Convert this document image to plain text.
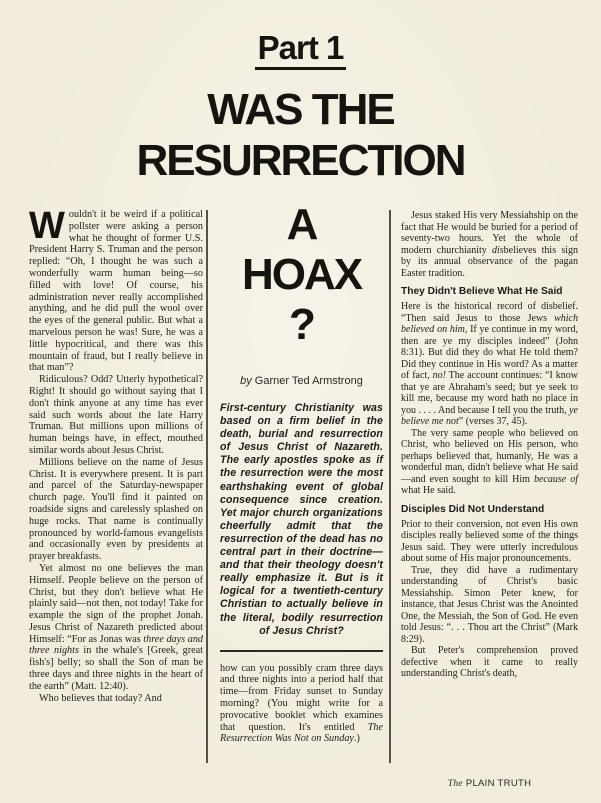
Part 1
WAS THE
RESURRECTION

Wouldn't it be weird if a political pollster were asking a person what he thought of former U.S. President Harry S. Truman and the person replied: “Oh, I thought he was such a wonderfully warm human being—so filled with love! Of course, his administration never really accomplished anything, and he did pull the wool over the eyes of the general public. But what a marvelous person he was! Sure, he was a little hypocritical, and there was this mountain of fraud, but I really believe in that man”?

Ridiculous? Odd? Utterly hypothetical? Right! It should go without saying that I don't think anyone at any time has ever said such words about the late Harry Truman. But millions upon millions of human beings have, in effect, mouthed similar words about Jesus Christ.

Millions believe on the name of Jesus Christ. It is everywhere present. It is part and parcel of the Saturday-newspaper church page. You'll find it painted on roadside signs and carelessly splashed on huge rocks. That name is continually pronounced by world-famous evangelists and occasionally even by presidents at prayer breakfasts.

Yet almost no one believes the man Himself. People believe on the person of Christ, but they don't believe what He plainly said—not then, not today! Take for example the sign of the prophet Jonah. Jesus Christ of Nazareth predicted about Himself: “For as Jonas was three days and three nights in the whale's [Greek, great fish's] belly; so shall the Son of man be three days and three nights in the heart of the earth” (Matt. 12:40).

Who believes that today? And

A
HOAX
?
by Garner Ted Armstrong
First-century Christianity was based on a firm belief in the death, burial and resurrection of Jesus Christ of Nazareth. The early apostles spoke as if the resurrection were the most earthshaking event of global consequence since creation. Yet major church organizations cheerfully admit that the resurrection of the dead has no central part in their doctrine—and that their theology doesn't really emphasize it. But is it logical for a twentieth-century Christian to actually believe in the literal, bodily resurrection of Jesus Christ?

how can you possibly cram three days and three nights into a period half that time—from Friday sunset to Sunday morning? (You might write for a provocative booklet which examines that question. It's entitled The Resurrection Was Not on Sunday.)

Jesus staked His very Messiahship on the fact that He would be buried for a period of seventy-two hours. Yet the whole of modern churchianity disbelieves this sign by its annual observance of the pagan Easter tradition.

They Didn't Believe What He Said

Here is the historical record of disbelief. “Then said Jesus to those Jews which believed on him, If ye continue in my word, then are ye my disciples indeed” (John 8:31). But did they do what He told them? Did they continue in His word? As a matter of fact, no! The account continues: “I know that ye are Abraham's seed; but ye seek to kill me, because my word hath no place in you . . . . And because I tell you the truth, ye believe me not” (verses 37, 45).

The very same people who believed on Christ, who believed on His person, who perhaps believed that, humanly, He was a wonderful man, didn't believe what He said—and even sought to kill Him because of what He said.

Disciples Did Not Understand

Prior to their conversion, not even His own disciples really believed some of the things Jesus said. They were utterly incredulous about some of His major pronouncements.

True, they did have a rudimentary understanding of Christ's basic Messiahship. Simon Peter knew, for instance, that Jesus Christ was the Anointed One, the Messiah, the Son of God. He even told Jesus: “. . . Thou art the Christ” (Mark 8:29).

But Peter's comprehension proved defective when it came to really understanding Christ's death,

The PLAIN TRUTH
